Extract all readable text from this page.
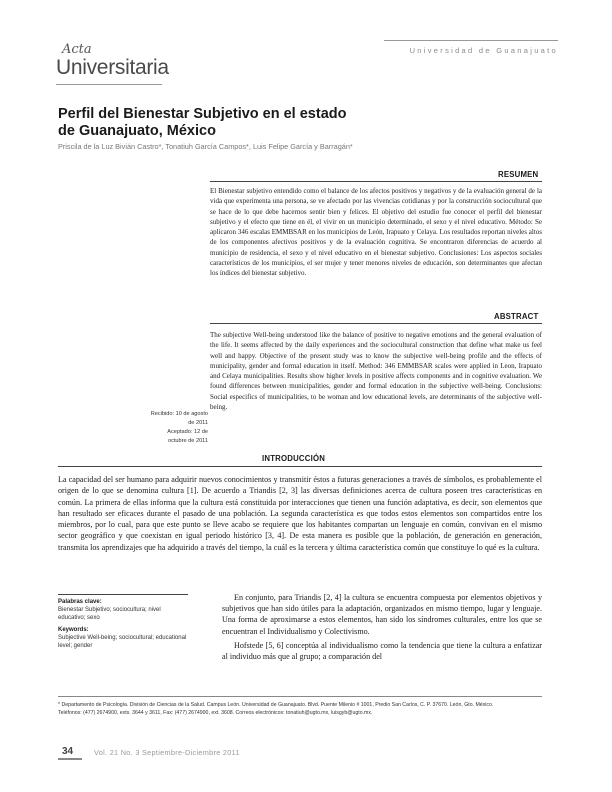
Acta
Universitaria
Universidad de Guanajuato
Perfil del Bienestar Subjetivo en el estado
de Guanajuato, México
Priscila de la Luz Bivián Castro*, Tonatiuh García Campos*, Luis Felipe García y Barragán*
RESUMEN
El Bienestar subjetivo entendido como el balance de los afectos positivos y negativos y de la evaluación general de la vida que experimenta una persona, se ve afectado por las vivencias cotidianas y por la construcción sociocultural que se hace de lo que debe hacernos sentir bien y felices. El objetivo del estudio fue conocer el perfil del bienestar subjetivo y el efecto que tiene en él, el vivir en un municipio determinado, el sexo y el nivel educativo. Método: Se aplicaron 346 escalas EMMBSAR en los municipios de León, Irapuato y Celaya. Los resultados reportan niveles altos de los componentes afectivos positivos y de la evaluación cognitiva. Se encontraron diferencias de acuerdo al municipio de residencia, el sexo y el nivel educativo en el bienestar subjetivo. Conclusiones: Los aspectos sociales característicos de los municipios, el ser mujer y tener menores niveles de educación, son determinantes que afectan los índices del bienestar subjetivo.
ABSTRACT
The subjective Well-being understood like the balance of positive to negative emotions and the general evaluation of the life. It seems affected by the daily experiences and the sociocultural construction that define what make us feel well and happy. Objective of the present study was to know the subjective well-being profile and the effects of municipality, gender and formal education in itself. Method: 346 EMMBSAR scales were applied in Leon, Irapuato and Celaya municipalities. Results show higher levels in positive affects components and in cognitive evaluation. We found differences between municipalities, gender and formal education in the subjective well-being. Conclusions: Social especifics of municipalities, to be woman and low educational levels, are determinants of the subjective well-being.
Recibido: 10 de agosto de 2011
Aceptado: 12 de octubre de 2011
INTRODUCCIÓN
La capacidad del ser humano para adquirir nuevos conocimientos y transmitir éstos a futuras generaciones a través de símbolos, es probablemente el origen de lo que se denomina cultura [1]. De acuerdo a Triandis [2, 3] las diversas definiciones acerca de cultura poseen tres características en común. La primera de ellas informa que la cultura está constituida por interacciones que tienen una función adaptativa, es decir, son elementos que han resultado ser eficaces durante el pasado de una población. La segunda característica es que todos estos elementos son compartidos entre los miembros, por lo cual, para que este punto se lleve acabo se requiere que los habitantes compartan un lenguaje en común, convivan en el mismo sector geográfico y que coexistan en igual periodo histórico [3, 4]. De esta manera es posible que la población, de generación en generación, transmita los aprendizajes que ha adquirido a través del tiempo, la cuál es la tercera y última característica común que constituye lo qué es la cultura.
Palabras clave:
Bienestar Subjetivo; sociocultura; nivel educativo; sexo
Keywords:
Subjective Well-being; sociocultural; educational level; gender

En conjunto, para Triandis [2, 4] la cultura se encuentra compuesta por elementos objetivos y subjetivos que han sido útiles para la adaptación, organizados en mismo tiempo, lugar y lenguaje. Una forma de aproximarse a estos elementos, han sido los síndromes culturales, entre los que se encuentran el Individualismo y Colectivismo.

Hofstede [5, 6] conceptúa al individualismo como la tendencia que tiene la cultura a enfatizar al individuo más que al grupo; a comparación del

* Departamento de Psicología. División de Ciencias de la Salud. Campus León. Universidad de Guanajuato. Blvd. Puente Milenio # 1001, Predio San Carlos, C. P. 37670. León, Gto. México.
Teléfonos: (477) 2674900, exts. 3644 y 3611, Fax: (477) 2674900, ext. 3608. Correos electrónicos: tonatiuh@ugto.mx, luisgyb@ugto.mx.
34	Vol. 21 No. 3 Septiembre-Diciembre 2011
